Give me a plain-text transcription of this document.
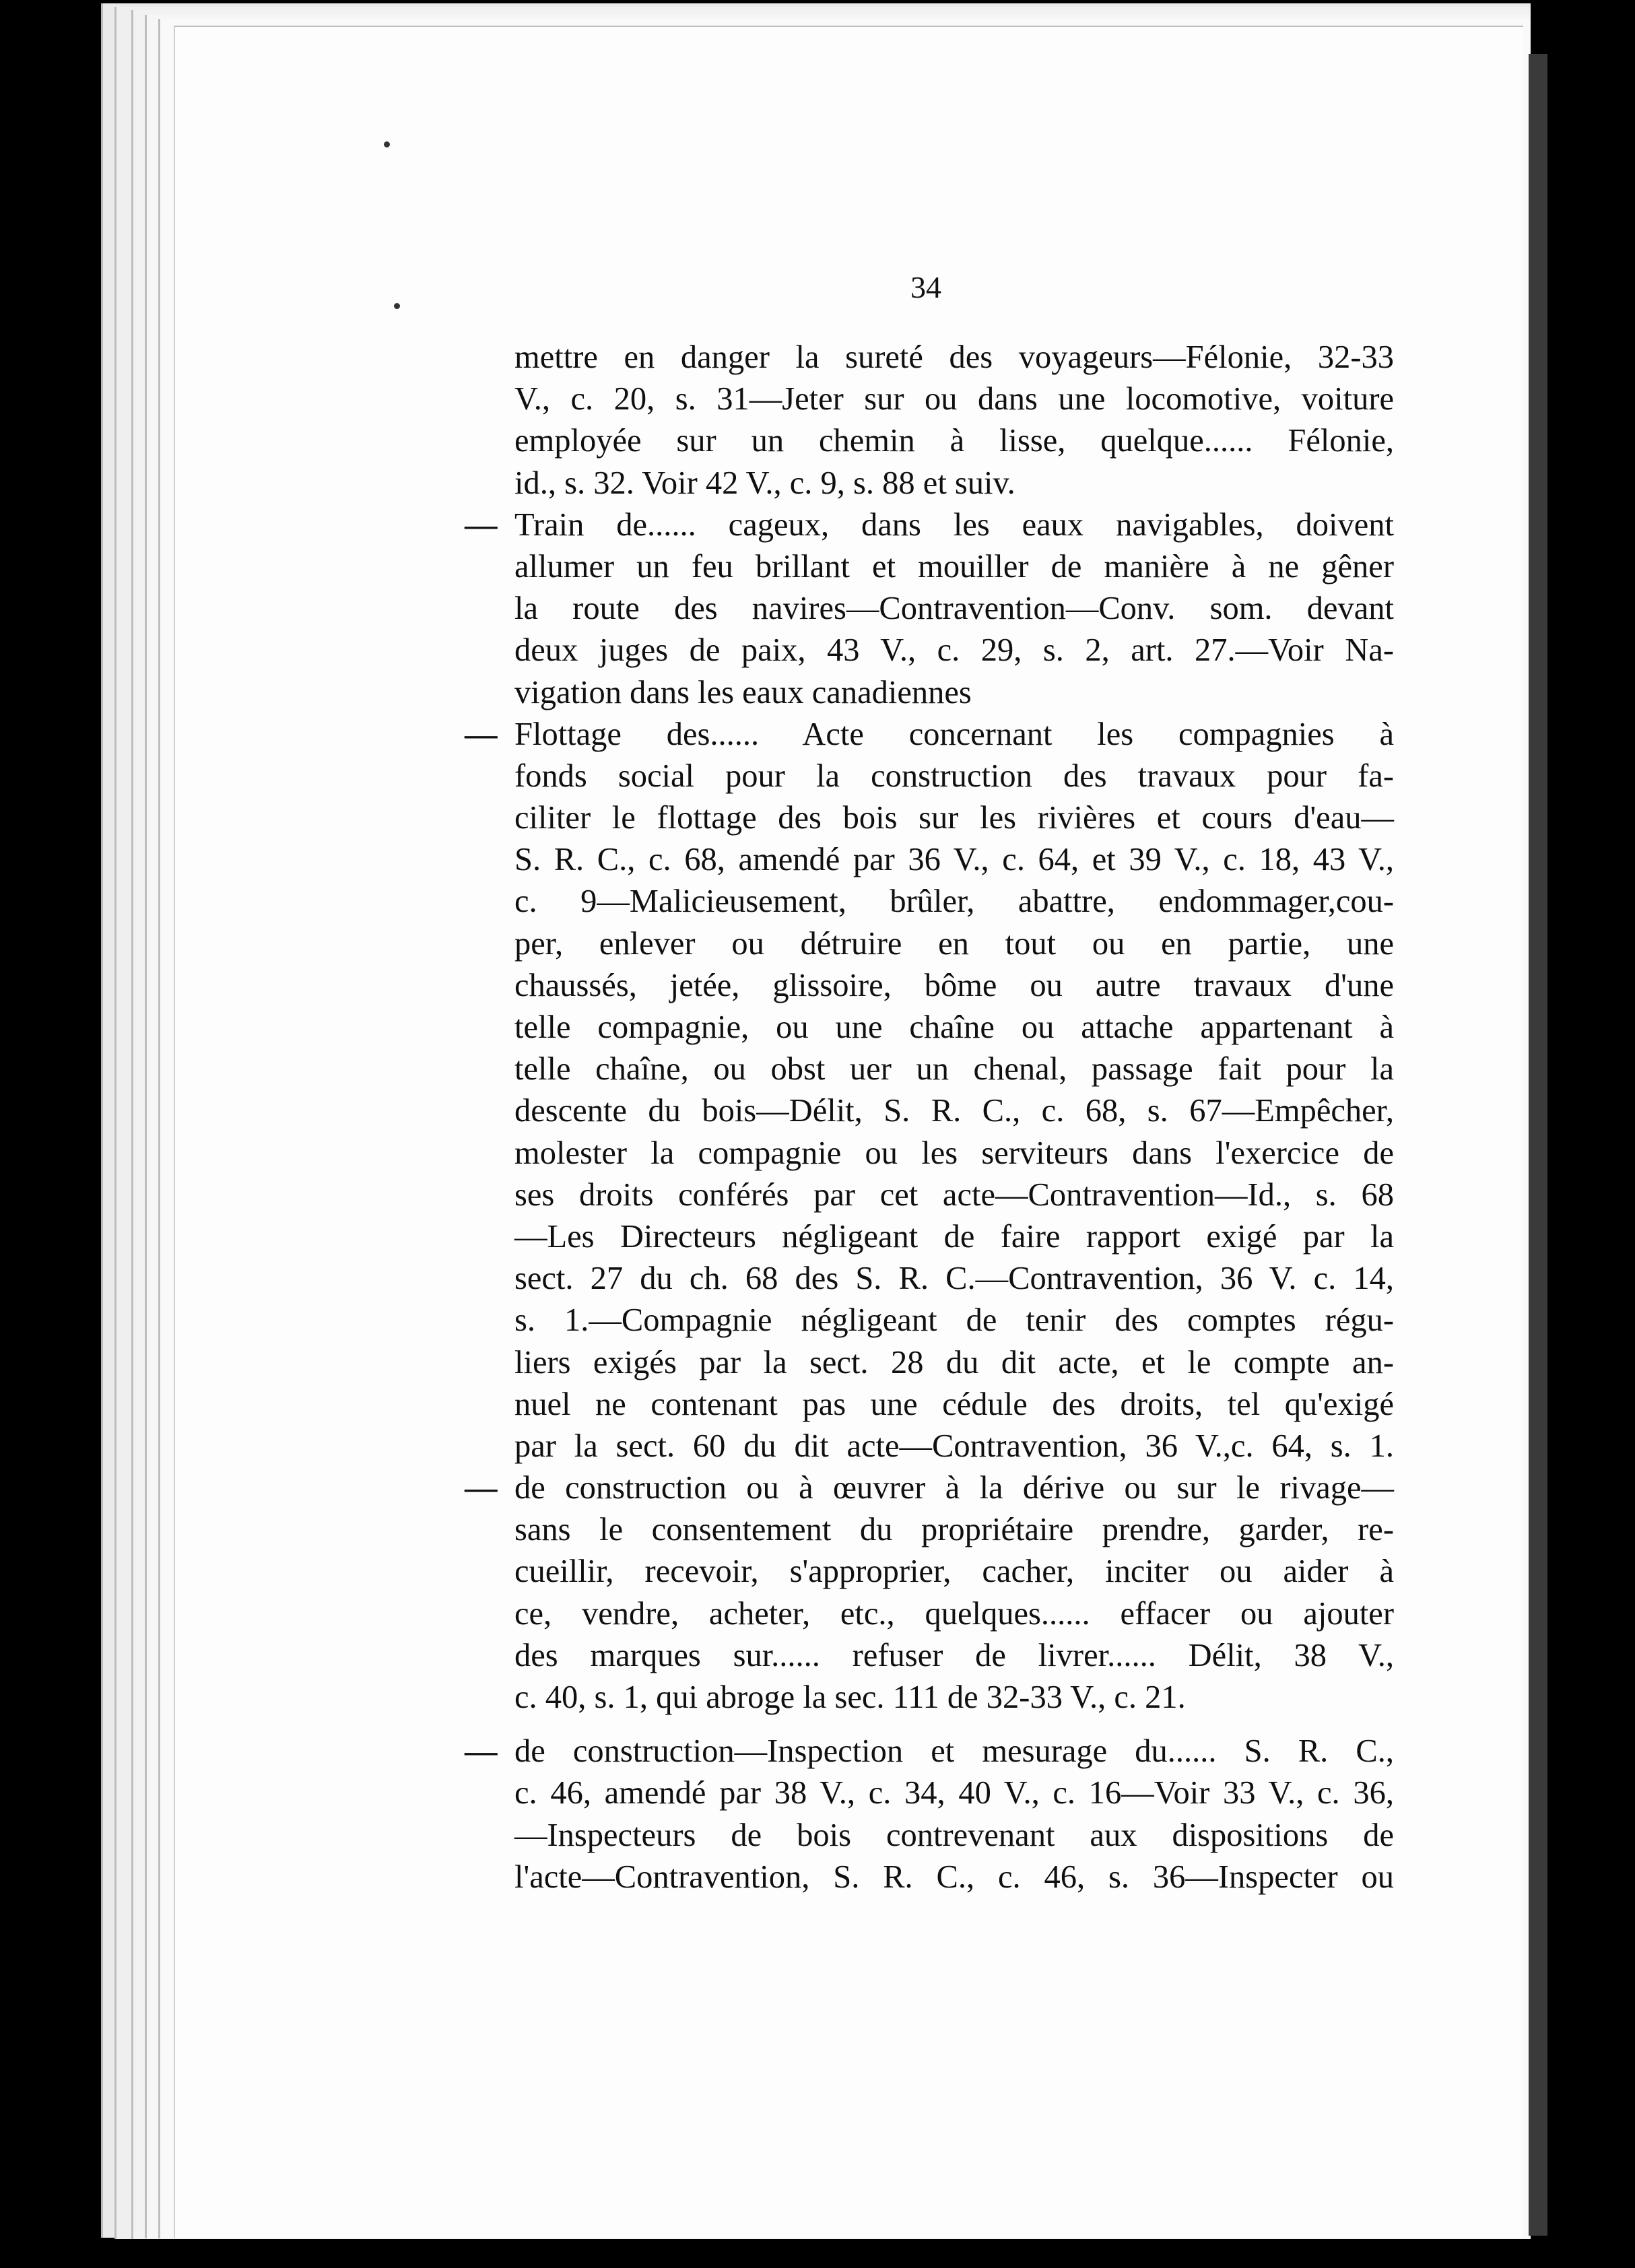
34
mettre en danger la sureté des voyageurs—Félonie, 32-33
V., c. 20, s. 31—Jeter sur ou dans une locomotive, voiture
employée sur un chemin à lisse, quelque...... Félonie,
id., s. 32. Voir 42 V., c. 9, s. 88 et suiv.
— Train de...... cageux, dans les eaux navigables, doivent
allumer un feu brillant et mouiller de manière à ne gêner
la route des navires—Contravention—Conv. som. devant
deux juges de paix, 43 V., c. 29, s. 2, art. 27.—Voir Na-
vigation dans les eaux canadiennes
— Flottage des...... Acte concernant les compagnies à
fonds social pour la construction des travaux pour fa-
ciliter le flottage des bois sur les rivières et cours d'eau—
S. R. C., c. 68, amendé par 36 V., c. 64, et 39 V., c. 18, 43 V.,
c. 9—Malicieusement, brûler, abattre, endommager,cou-
per, enlever ou détruire en tout ou en partie, une
chaussés, jetée, glissoire, bôme ou autre travaux d'une
telle compagnie, ou une chaîne ou attache appartenant à
telle chaîne, ou obst uer un chenal, passage fait pour la
descente du bois—Délit, S. R. C., c. 68, s. 67—Empêcher,
molester la compagnie ou les serviteurs dans l'exercice de
ses droits conférés par cet acte—Contravention—Id., s. 68
—Les Directeurs négligeant de faire rapport exigé par la
sect. 27 du ch. 68 des S. R. C.—Contravention, 36 V. c. 14,
s. 1.—Compagnie négligeant de tenir des comptes régu-
liers exigés par la sect. 28 du dit acte, et le compte an-
nuel ne contenant pas une cédule des droits, tel qu'exigé
par la sect. 60 du dit acte—Contravention, 36 V.,c. 64, s. 1.
— de construction ou à œuvrer à la dérive ou sur le rivage—
sans le consentement du propriétaire prendre, garder, re-
cueillir, recevoir, s'approprier, cacher, inciter ou aider à
ce, vendre, acheter, etc., quelques...... effacer ou ajouter
des marques sur...... refuser de livrer...... Délit, 38 V.,
c. 40, s. 1, qui abroge la sec. 111 de 32-33 V., c. 21.
— de construction—Inspection et mesurage du...... S. R. C.,
c. 46, amendé par 38 V., c. 34, 40 V., c. 16—Voir 33 V., c. 36,
—Inspecteurs de bois contrevenant aux dispositions de
l'acte—Contravention, S. R. C., c. 46, s. 36—Inspecter ou
